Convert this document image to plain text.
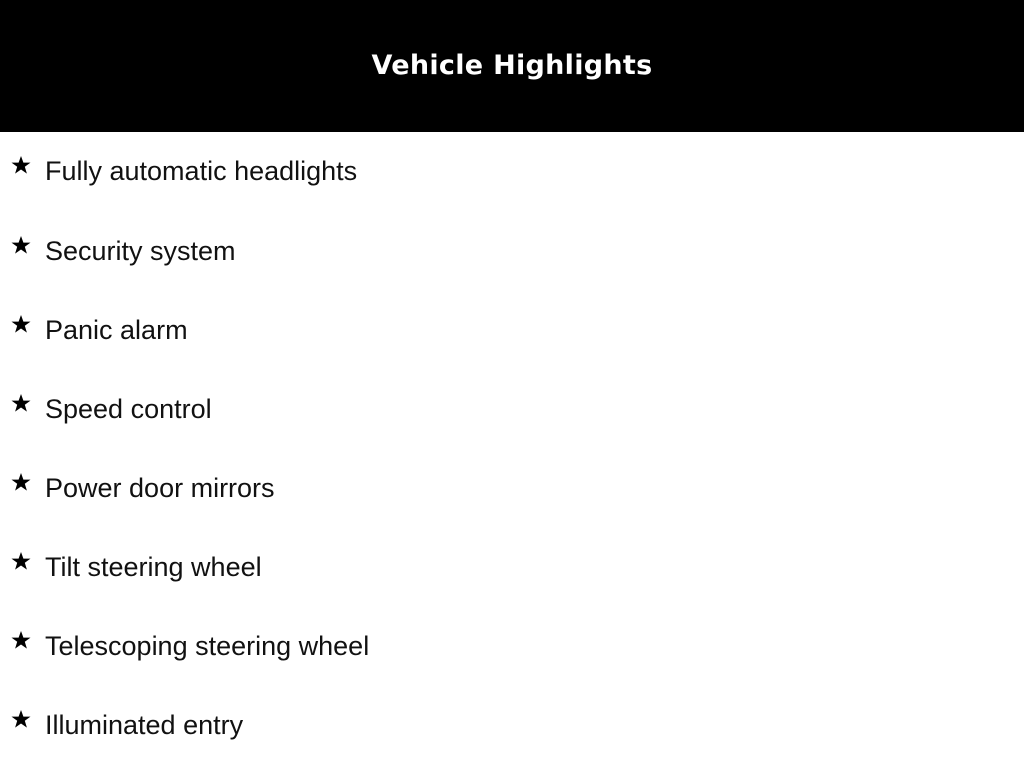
Vehicle Highlights
Fully automatic headlights
Security system
Panic alarm
Speed control
Power door mirrors
Tilt steering wheel
Telescoping steering wheel
Illuminated entry
